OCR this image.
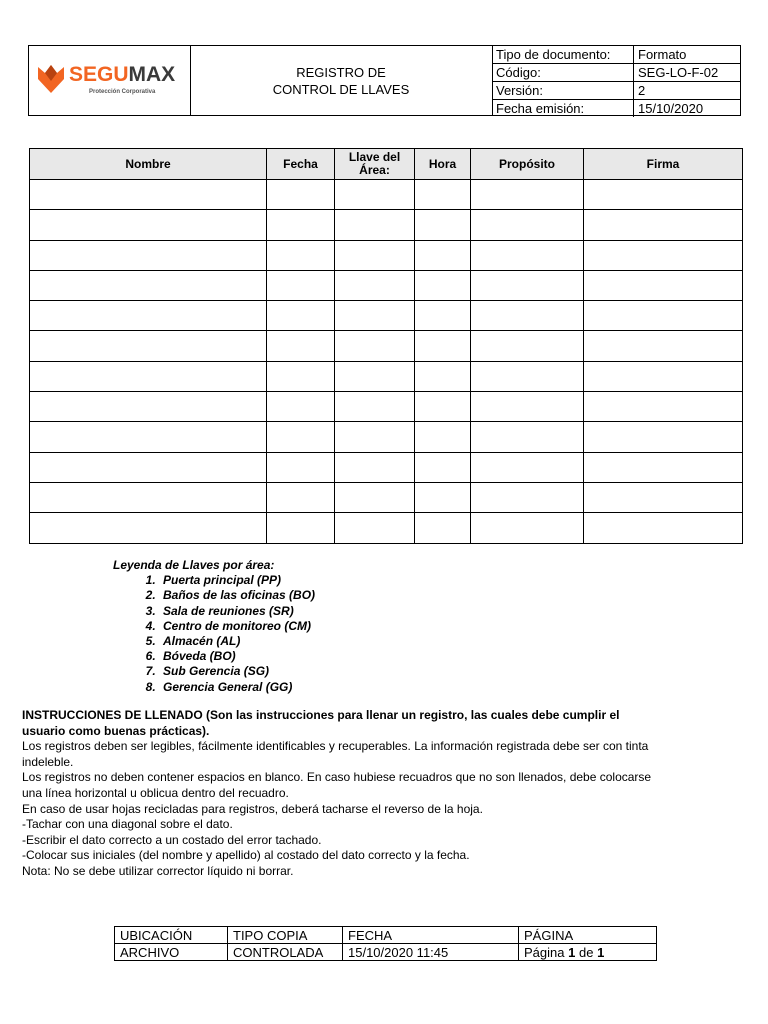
SEGUMAX
Protección Corporativa
REGISTRO DE
CONTROL DE LLAVES
Tipo de documento:	Formato
Código:	SEG-LO-F-02
Versión:	2
Fecha emisión:	15/10/2020
Nombre	Fecha	Llave del Área:	Hora	Propósito	Firma

Leyenda de Llaves por área:
1. Puerta principal (PP)
2. Baños de las oficinas (BO)
3. Sala de reuniones (SR)
4. Centro de monitoreo (CM)
5. Almacén (AL)
6. Bóveda (BO)
7. Sub Gerencia (SG)
8. Gerencia General (GG)
INSTRUCCIONES DE LLENADO (Son las instrucciones para llenar un registro, las cuales debe cumplir el usuario como buenas prácticas).
Los registros deben ser legibles, fácilmente identificables y recuperables. La información registrada debe ser con tinta indeleble.
Los registros no deben contener espacios en blanco. En caso hubiese recuadros que no son llenados, debe colocarse una línea horizontal u oblicua dentro del recuadro.
En caso de usar hojas recicladas para registros, deberá tacharse el reverso de la hoja.
-Tachar con una diagonal sobre el dato.
-Escribir el dato correcto a un costado del error tachado.
-Colocar sus iniciales (del nombre y apellido) al costado del dato correcto y la fecha.
Nota: No se debe utilizar corrector líquido ni borrar.
UBICACIÓN	TIPO COPIA	FECHA	PÁGINA
ARCHIVO	CONTROLADA	15/10/2020 11:45	Página 1 de 1
